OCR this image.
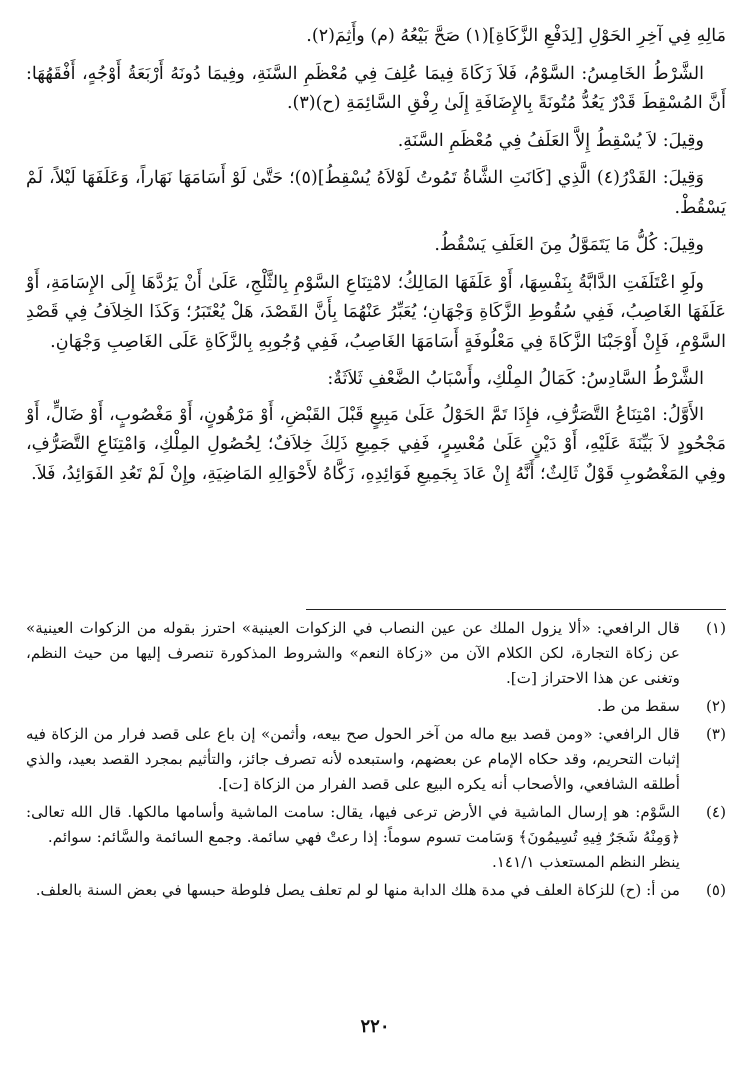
مَالِهِ فِي آخِرِ الحَوْلِ [لِدَفْعِ الزَّكَاةِ](١) صَحَّ بَيْعُهُ (م) وأَثِمَ(٢).

الشَّرْطُ الخَامِسُ: السَّوْمُ، فَلاَ زَكَاةَ فِيمَا عُلِفَ فِي مُعْظَمِ السَّنَةِ، وفِيمَا دُونَهُ أَرْبَعَةُ أَوْجُهٍ، أَفْقَهُهَا: أَنَّ المُسْقِطَ قَدْرٌ يَعُدُّ مُتُونَةً بِالإِضَافَةِ إِلَىٰ رِفْقِ السَّائِمَةِ (ح)(٣).

وقِيلَ: لاَ يُسْقِطُ إِلاَّ العَلَفُ فِي مُعْظَمِ السَّنَةِ.

وَقِيلَ: القَدْرُ(٤) الَّذِي [كَانَتِ الشَّاةُ تَمُوتُ لَوْلاَهُ يُسْقِطُ](٥)؛ حَتَّىٰ لَوْ أَسَامَهَا نَهَاراً، وَعَلَفَهَا لَيْلاً، لَمْ يَسْقُطْ.

وقِيلَ: كُلُّ مَا يَتَمَوَّلُ مِنَ العَلَفِ يَسْقُطُ.

ولَوِ اعْتَلَفَتِ الدَّابَّةُ بِنَفْسِهَا، أَوْ عَلَفَهَا المَالِكُ؛ لامْتِنَاعِ السَّوْمِ بِالثَّلْجِ، عَلَىٰ أَنْ يَرُدَّهَا إِلَى الإِسَامَةِ، أَوْ عَلَفَهَا الغَاصِبُ، فَفِي سُقُوطِ الزَّكَاةِ وَجْهَانِ؛ يُعَبِّرُ عَنْهُمَا بِأَنَّ القَصْدَ، هَلْ يُعْتَبَرُ؛ وَكَذَا الخِلاَفُ فِي قَصْدِ السَّوْمِ، فَإِنْ أَوْجَبْنَا الزَّكَاةَ فِي مَعْلُوفَةٍ أَسَامَهَا الغَاصِبُ، فَفِي وُجُوبِهِ بِالزَّكَاةِ عَلَى الغَاصِبِ وَجْهَانِ.

الشَّرْطُ السَّادِسُ: كَمَالُ المِلْكِ، وأَسْبَابُ الضَّعْفِ ثَلاَثَةٌ:

الأَوَّلُ: امْتِنَاعُ التَّصَرُّفِ، فإِذَا تَمَّ الحَوْلُ عَلَىٰ مَبِيعٍ قَبْلَ القَبْضِ، أَوْ مَرْهُونٍ، أَوْ مَغْصُوبٍ، أَوْ ضَالٍّ، أَوْ مَجْحُودٍ لاَ بَيِّنَةَ عَلَيْهِ، أَوْ دَيْنٍ عَلَىٰ مُعْسِرٍ، فَفِي جَمِيعِ ذَلِكَ خِلاَفٌ؛ لِحُصُولِ المِلْكِ، وَامْتِنَاعِ التَّصَرُّفِ، وفِي المَغْصُوبِ قَوْلٌ ثَالِثٌ؛ أَنَّهُ إِنْ عَادَ بِجَمِيعِ فَوَائِدِهِ، زَكَّاهُ لأَحْوَالِهِ المَاضِيَةِ، وإِنْ لَمْ تَعُدِ الفَوَائِدُ، فَلاَ.

(١)
قال الرافعي: «ألا يزول الملك عن عين النصاب في الزكوات العينية» احترز بقوله من الزكوات العينية» عن زكاة التجارة، لكن الكلام الآن من «زكاة النعم» والشروط المذكورة تنصرف إليها من حيث النظم، وتغنى عن هذا الاحتراز [ت].
(٢)
سقط من ط.
(٣)
قال الرافعي: «ومن قصد بيع ماله من آخر الحول صح بيعه، وأثمن» إن باع على قصد فرار من الزكاة فيه إثبات التحريم، وقد حكاه الإمام عن بعضهم، واستبعده لأنه تصرف جائز، والتأثيم بمجرد القصد بعيد، والذي أطلقه الشافعي، والأصحاب أنه يكره البيع على قصد الفرار من الزكاة [ت].
(٤)
السَّوْم: هو إرسال الماشية في الأرض ترعى فيها، يقال: سامت الماشية وأسامها مالكها. قال الله تعالى: ﴿وَمِنْهُ شَجَرٌ فِيهِ تُسِيمُونَ﴾ وَسَامت تسوم سوماً: إذا رعتْ فهي سائمة. وجمع السائمة والسَّائم: سوائم.
ينظر النظم المستعذب ١٤١/١.
(٥)
من أ: (ح) للزكاة العلف في مدة هلك الدابة منها لو لم تعلف يصل فلوطة حبسها في بعض السنة بالعلف.
٢٢٠
